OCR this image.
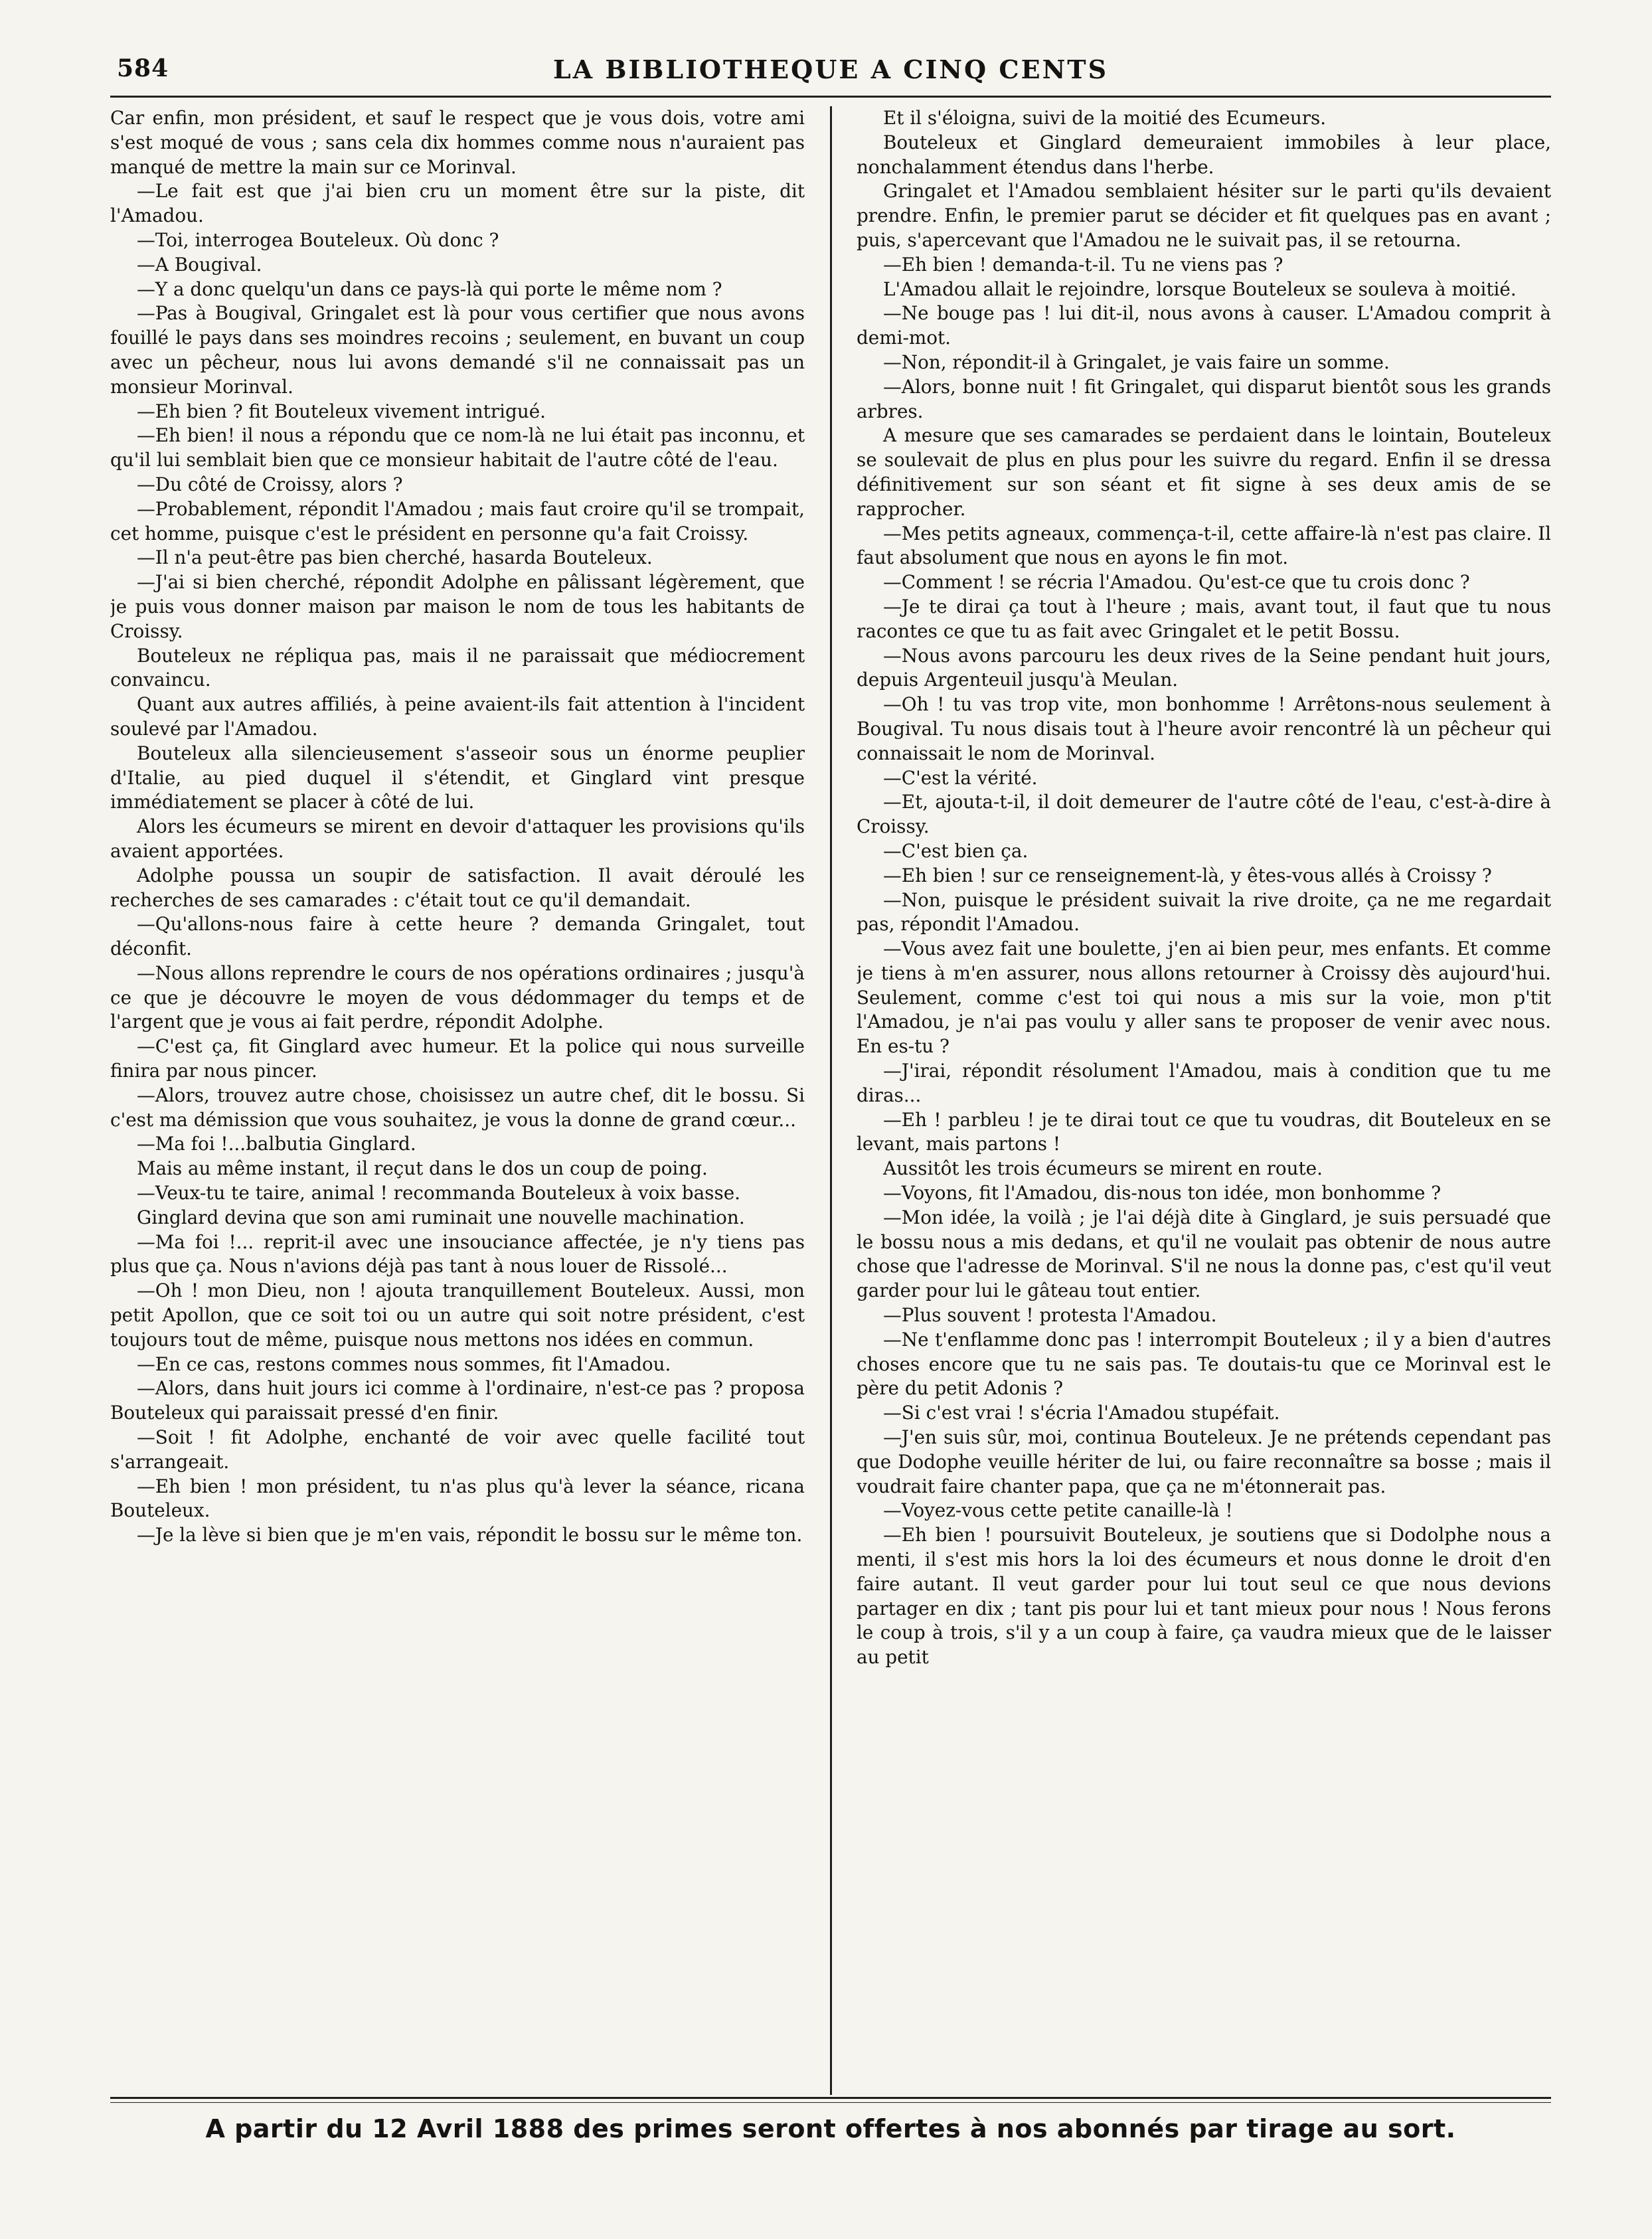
584	LA BIBLIOTHEQUE A CINQ CENTS

Car enfin, mon président, et sauf le respect que je vous dois, votre ami s'est moqué de vous ; sans cela dix hommes comme nous n'auraient pas manqué de mettre la main sur ce Morinval.

—Le fait est que j'ai bien cru un moment être sur la piste, dit l'Amadou.

—Toi, interrogea Bouteleux. Où donc ?

—A Bougival.

—Y a donc quelqu'un dans ce pays-là qui porte le même nom ?

—Pas à Bougival, Gringalet est là pour vous certifier que nous avons fouillé le pays dans ses moindres recoins ; seulement, en buvant un coup avec un pêcheur, nous lui avons demandé s'il ne connaissait pas un monsieur Morinval.

—Eh bien ? fit Bouteleux vivement intrigué.

—Eh bien! il nous a répondu que ce nom-là ne lui était pas inconnu, et qu'il lui semblait bien que ce monsieur habitait de l'autre côté de l'eau.

—Du côté de Croissy, alors ?

—Probablement, répondit l'Amadou ; mais faut croire qu'il se trompait, cet homme, puisque c'est le président en personne qu'a fait Croissy.

—Il n'a peut-être pas bien cherché, hasarda Bouteleux.

—J'ai si bien cherché, répondit Adolphe en pâlissant légèrement, que je puis vous donner maison par maison le nom de tous les habitants de Croissy.

Bouteleux ne répliqua pas, mais il ne paraissait que médiocrement convaincu.

Quant aux autres affiliés, à peine avaient-ils fait attention à l'incident soulevé par l'Amadou.

Bouteleux alla silencieusement s'asseoir sous un énorme peuplier d'Italie, au pied duquel il s'étendit, et Ginglard vint presque immédiatement se placer à côté de lui.

Alors les écumeurs se mirent en devoir d'attaquer les provisions qu'ils avaient apportées.

Adolphe poussa un soupir de satisfaction. Il avait déroulé les recherches de ses camarades : c'était tout ce qu'il demandait.

—Qu'allons-nous faire à cette heure ? demanda Gringalet, tout déconfit.

—Nous allons reprendre le cours de nos opérations ordinaires ; jusqu'à ce que je découvre le moyen de vous dédommager du temps et de l'argent que je vous ai fait perdre, répondit Adolphe.

—C'est ça, fit Ginglard avec humeur. Et la police qui nous surveille finira par nous pincer.

—Alors, trouvez autre chose, choisissez un autre chef, dit le bossu. Si c'est ma démission que vous souhaitez, je vous la donne de grand cœur...

—Ma foi !...balbutia Ginglard.

Mais au même instant, il reçut dans le dos un coup de poing.

—Veux-tu te taire, animal ! recommanda Bouteleux à voix basse.

Ginglard devina que son ami ruminait une nouvelle machination.

—Ma foi !... reprit-il avec une insouciance affectée, je n'y tiens pas plus que ça. Nous n'avions déjà pas tant à nous louer de Rissolé...

—Oh ! mon Dieu, non ! ajouta tranquillement Bouteleux. Aussi, mon petit Apollon, que ce soit toi ou un autre qui soit notre président, c'est toujours tout de même, puisque nous mettons nos idées en commun.

—En ce cas, restons commes nous sommes, fit l'Amadou.

—Alors, dans huit jours ici comme à l'ordinaire, n'est-ce pas ? proposa Bouteleux qui paraissait pressé d'en finir.

—Soit ! fit Adolphe, enchanté de voir avec quelle facilité tout s'arrangeait.

—Eh bien ! mon président, tu n'as plus qu'à lever la séance, ricana Bouteleux.

—Je la lève si bien que je m'en vais, répondit le bossu sur le même ton.

Et il s'éloigna, suivi de la moitié des Ecumeurs.

Bouteleux et Ginglard demeuraient immobiles à leur place, nonchalamment étendus dans l'herbe.

Gringalet et l'Amadou semblaient hésiter sur le parti qu'ils devaient prendre. Enfin, le premier parut se décider et fit quelques pas en avant ; puis, s'apercevant que l'Amadou ne le suivait pas, il se retourna.

—Eh bien ! demanda-t-il. Tu ne viens pas ?

L'Amadou allait le rejoindre, lorsque Bouteleux se souleva à moitié.

—Ne bouge pas ! lui dit-il, nous avons à causer. L'Amadou comprit à demi-mot.

—Non, répondit-il à Gringalet, je vais faire un somme.

—Alors, bonne nuit ! fit Gringalet, qui disparut bientôt sous les grands arbres.

A mesure que ses camarades se perdaient dans le lointain, Bouteleux se soulevait de plus en plus pour les suivre du regard. Enfin il se dressa définitivement sur son séant et fit signe à ses deux amis de se rapprocher.

—Mes petits agneaux, commença-t-il, cette affaire-là n'est pas claire. Il faut absolument que nous en ayons le fin mot.

—Comment ! se récria l'Amadou. Qu'est-ce que tu crois donc ?

—Je te dirai ça tout à l'heure ; mais, avant tout, il faut que tu nous racontes ce que tu as fait avec Gringalet et le petit Bossu.

—Nous avons parcouru les deux rives de la Seine pendant huit jours, depuis Argenteuil jusqu'à Meulan.

—Oh ! tu vas trop vite, mon bonhomme ! Arrêtons-nous seulement à Bougival. Tu nous disais tout à l'heure avoir rencontré là un pêcheur qui connaissait le nom de Morinval.

—C'est la vérité.

—Et, ajouta-t-il, il doit demeurer de l'autre côté de l'eau, c'est-à-dire à Croissy.

—C'est bien ça.

—Eh bien ! sur ce renseignement-là, y êtes-vous allés à Croissy ?

—Non, puisque le président suivait la rive droite, ça ne me regardait pas, répondit l'Amadou.

—Vous avez fait une boulette, j'en ai bien peur, mes enfants. Et comme je tiens à m'en assurer, nous allons retourner à Croissy dès aujourd'hui. Seulement, comme c'est toi qui nous a mis sur la voie, mon p'tit l'Amadou, je n'ai pas voulu y aller sans te proposer de venir avec nous. En es-tu ?

—J'irai, répondit résolument l'Amadou, mais à condition que tu me diras...

—Eh ! parbleu ! je te dirai tout ce que tu voudras, dit Bouteleux en se levant, mais partons !

Aussitôt les trois écumeurs se mirent en route.

—Voyons, fit l'Amadou, dis-nous ton idée, mon bonhomme ?

—Mon idée, la voilà ; je l'ai déjà dite à Ginglard, je suis persuadé que le bossu nous a mis dedans, et qu'il ne voulait pas obtenir de nous autre chose que l'adresse de Morinval. S'il ne nous la donne pas, c'est qu'il veut garder pour lui le gâteau tout entier.

—Plus souvent ! protesta l'Amadou.

—Ne t'enflamme donc pas ! interrompit Bouteleux ; il y a bien d'autres choses encore que tu ne sais pas. Te doutais-tu que ce Morinval est le père du petit Adonis ?

—Si c'est vrai ! s'écria l'Amadou stupéfait.

—J'en suis sûr, moi, continua Bouteleux. Je ne prétends cependant pas que Dodophe veuille hériter de lui, ou faire reconnaître sa bosse ; mais il voudrait faire chanter papa, que ça ne m'étonnerait pas.

—Voyez-vous cette petite canaille-là !

—Eh bien ! poursuivit Bouteleux, je soutiens que si Dodolphe nous a menti, il s'est mis hors la loi des écumeurs et nous donne le droit d'en faire autant. Il veut garder pour lui tout seul ce que nous devions partager en dix ; tant pis pour lui et tant mieux pour nous ! Nous ferons le coup à trois, s'il y a un coup à faire, ça vaudra mieux que de le laisser au petit

A partir du 12 Avril 1888 des primes seront offertes à nos abonnés par tirage au sort.
